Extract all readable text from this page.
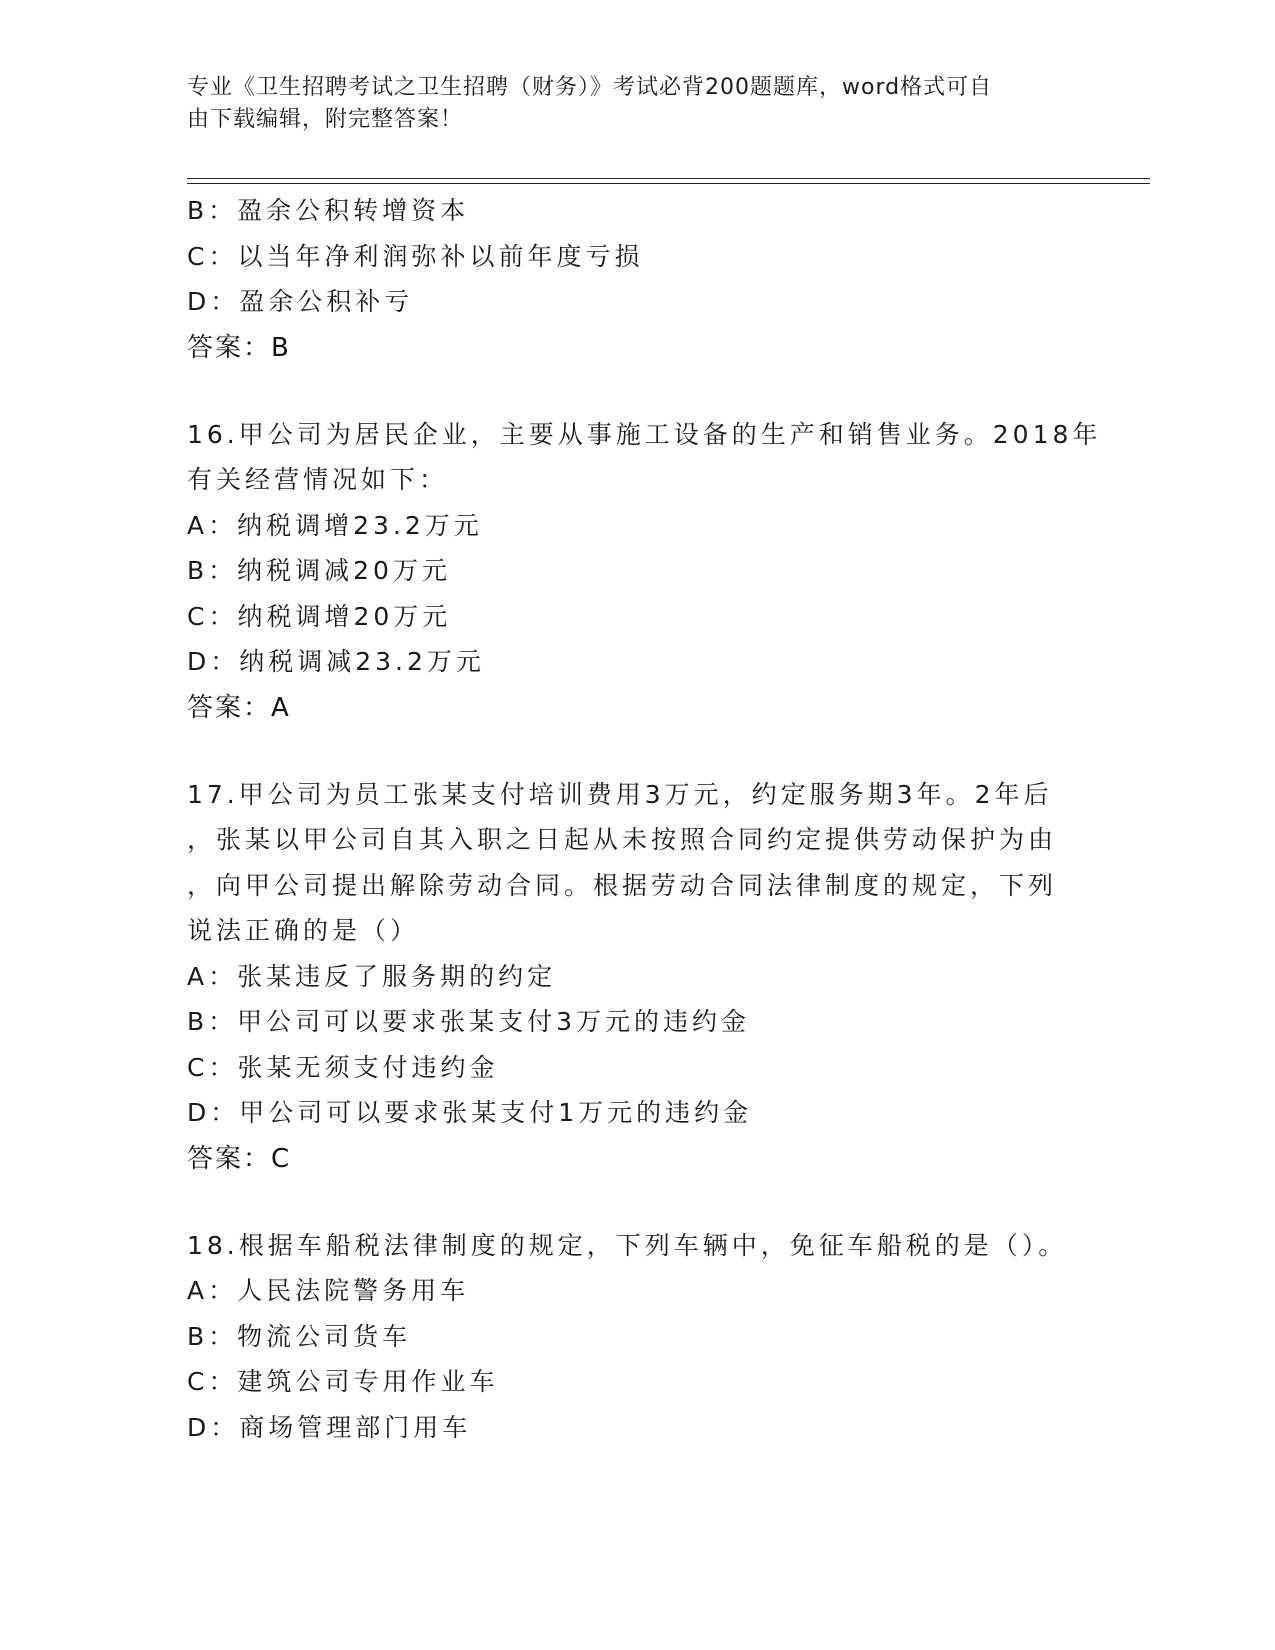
专业《卫生招聘考试之卫生招聘（财务）》考试必背200题题库，word格式可自
由下载编辑，附完整答案！
B：盈余公积转增资本
C：以当年净利润弥补以前年度亏损
D：盈余公积补亏
答案：B
16.甲公司为居民企业，主要从事施工设备的生产和销售业务。2018年
有关经营情况如下：
A：纳税调增23.2万元
B：纳税调减20万元
C：纳税调增20万元
D：纳税调减23.2万元
答案：A
17.甲公司为员工张某支付培训费用3万元，约定服务期3年。2年后
，张某以甲公司自其入职之日起从未按照合同约定提供劳动保护为由
，向甲公司提出解除劳动合同。根据劳动合同法律制度的规定，下列
说法正确的是（）
A：张某违反了服务期的约定
B：甲公司可以要求张某支付3万元的违约金
C：张某无须支付违约金
D：甲公司可以要求张某支付1万元的违约金
答案：C
18.根据车船税法律制度的规定，下列车辆中，免征车船税的是（）。
A：人民法院警务用车
B：物流公司货车
C：建筑公司专用作业车
D：商场管理部门用车
